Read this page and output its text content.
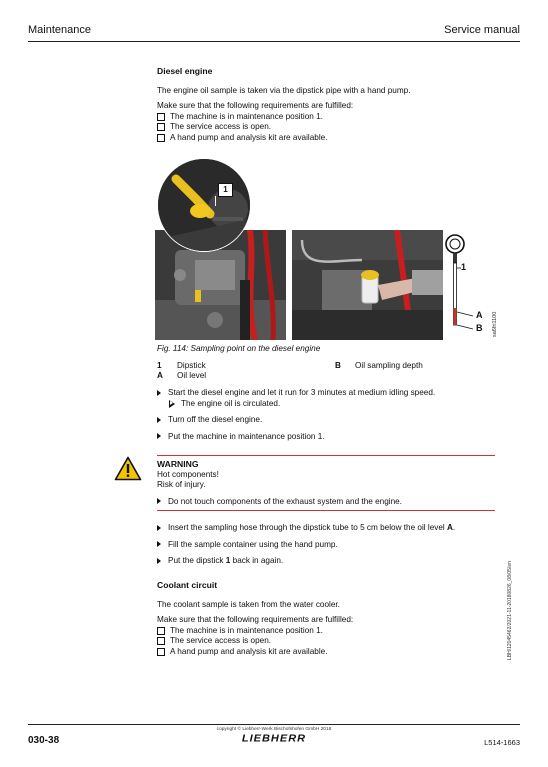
Maintenance	Service manual
Diesel engine

The engine oil sample is taken via the dipstick pipe with a hand pump.

Make sure that the following requirements are fulfilled:

The machine is in maintenance position 1.
The service access is open.
A hand pump and analysis kit are available.
1
1
A
B sa6fri1100
Fig. 114: Sampling point on the diesel engine
1 Dipstick	B Oil sampling depth
A Oil level
Start the diesel engine and let it run for 3 minutes at medium idling speed.
The engine oil is circulated.
Turn off the diesel engine.
Put the machine in maintenance position 1.
WARNING
Hot components!
Risk of injury.
Do not touch components of the exhaust system and the engine.
Insert the sampling hose through the dipstick tube to 5 cm below the oil level A.
Fill the sample container using the hand pump.
Put the dipstick 1 back in again.
Coolant circuit

The coolant sample is taken from the water cooler.

Make sure that the following requirements are fulfilled:

The machine is in maintenance position 1.
The service access is open.
A hand pump and analysis kit are available.	LBH/12045462/2021-11-20180826_08/05/en
030-38
copyright © Liebherr-Werk Bischofshofen GmbH 2018
LIEBHERR	L514-1663
